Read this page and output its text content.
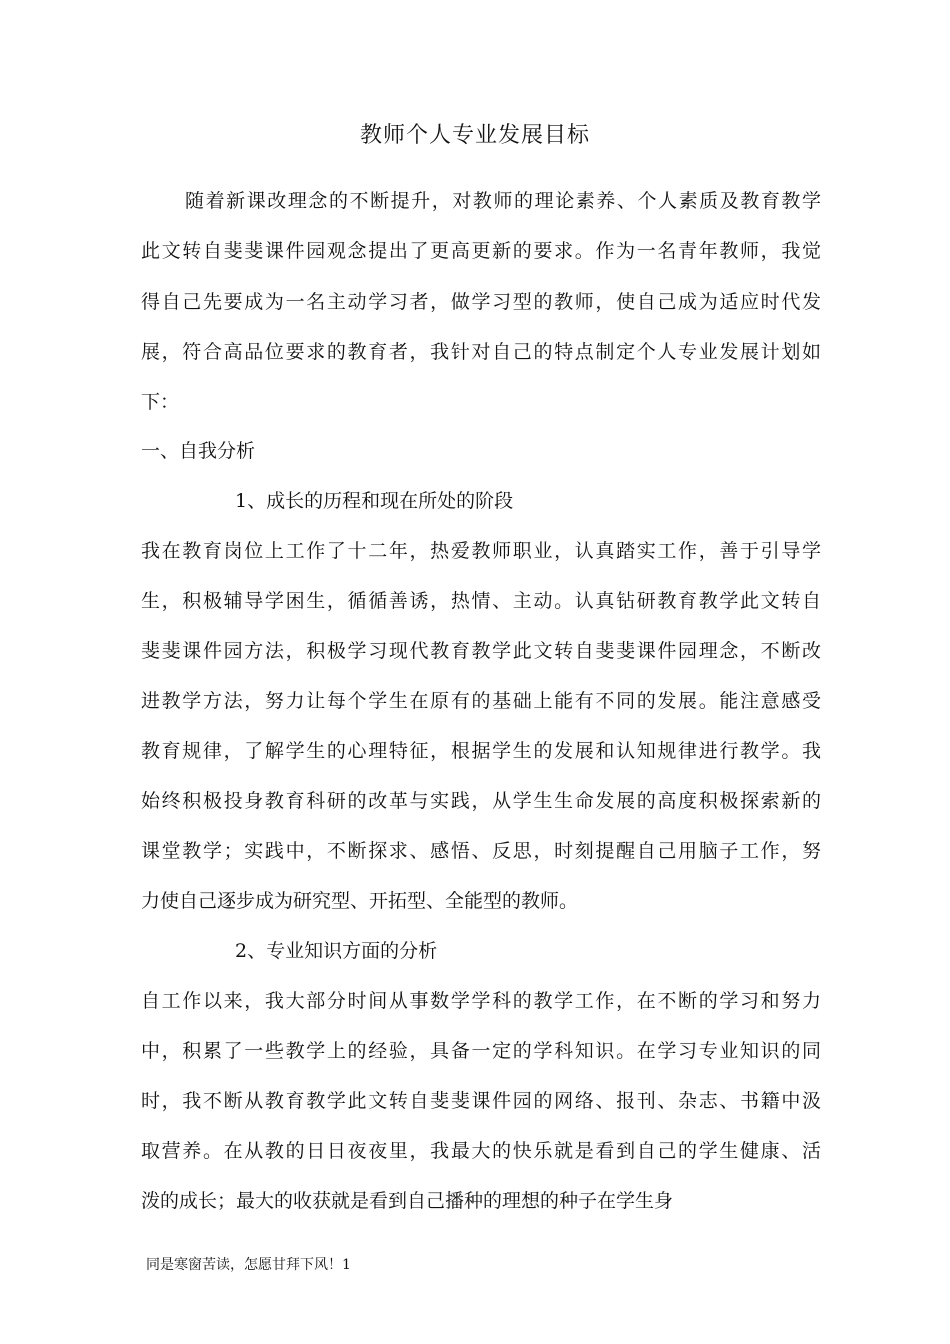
教师个人专业发展目标
随着新课改理念的不断提升，对教师的理论素养、个人素质及教育教学
此文转自斐斐课件园观念提出了更高更新的要求。作为一名青年教师，我觉
得自己先要成为一名主动学习者，做学习型的教师，使自己成为适应时代发
展，符合高品位要求的教育者，我针对自己的特点制定个人专业发展计划如
下：
一、自我分析
1、成长的历程和现在所处的阶段
我在教育岗位上工作了十二年，热爱教师职业，认真踏实工作，善于引导学
生，积极辅导学困生，循循善诱，热情、主动。认真钻研教育教学此文转自
斐斐课件园方法，积极学习现代教育教学此文转自斐斐课件园理念，不断改
进教学方法，努力让每个学生在原有的基础上能有不同的发展。能注意感受
教育规律，了解学生的心理特征，根据学生的发展和认知规律进行教学。我
始终积极投身教育科研的改革与实践，从学生生命发展的高度积极探索新的
课堂教学；实践中，不断探求、感悟、反思，时刻提醒自己用脑子工作，努
力使自己逐步成为研究型、开拓型、全能型的教师。
2、专业知识方面的分析
自工作以来，我大部分时间从事数学学科的教学工作，在不断的学习和努力
中，积累了一些教学上的经验，具备一定的学科知识。在学习专业知识的同
时，我不断从教育教学此文转自斐斐课件园的网络、报刊、杂志、书籍中汲
取营养。在从教的日日夜夜里，我最大的快乐就是看到自己的学生健康、活
泼的成长；最大的收获就是看到自己播种的理想的种子在学生身
同是寒窗苦读，怎愿甘拜下风！1
